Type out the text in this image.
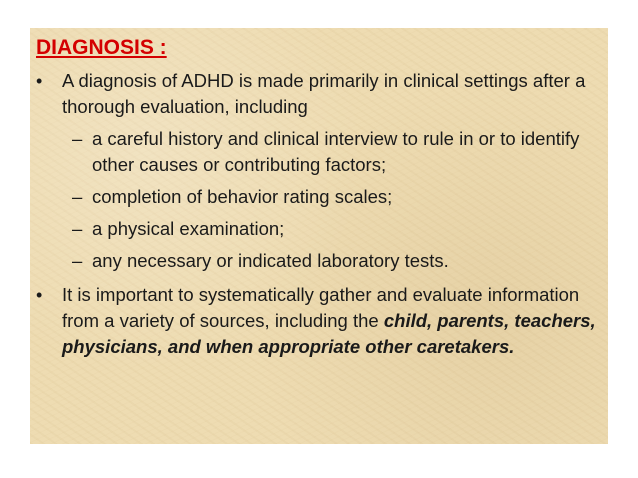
DIAGNOSIS :
•	A diagnosis of ADHD is made primarily in clinical settings after a thorough evaluation, including
– a careful history and clinical interview to rule in or to identify other causes or contributing factors;
– completion of behavior rating scales;
– a physical examination;
– any necessary or indicated laboratory tests.
•	It is important to systematically gather and evaluate information from a variety of sources, including the child, parents, teachers, physicians, and when appropriate other caretakers.
